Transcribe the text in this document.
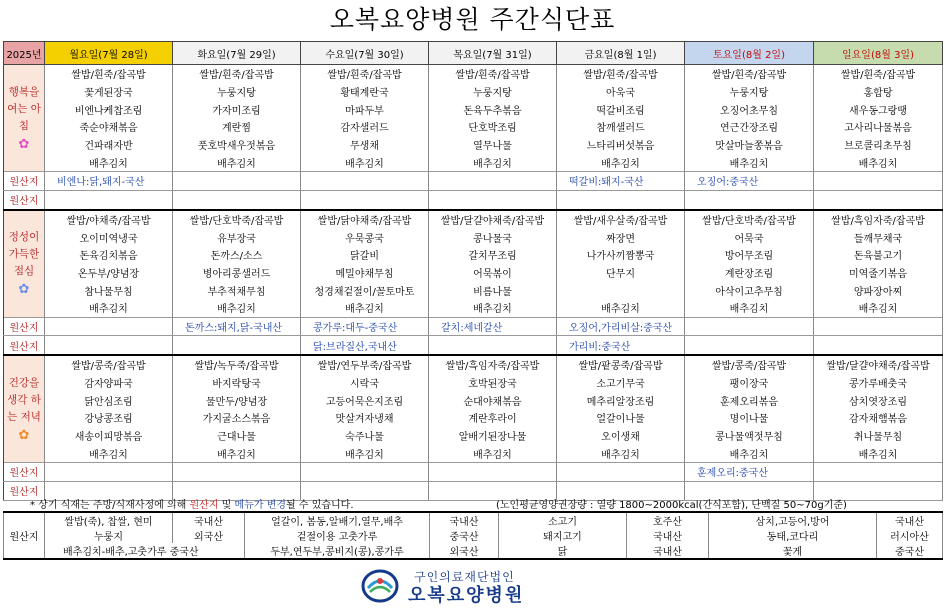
오복요양병원 주간식단표
2025년	월요일(7월 28일)	화요일(7월 29일)	수요일(7월 30일)	목요일(7월 31일)	금요일(8월 1일)	토요일(8월 2일)	일요일(8월 3일)
행복을 여는 아침
✿	쌀밥/흰죽/잡곡밥	쌀밥/흰죽/잡곡밥	쌀밥/흰죽/잡곡밥	쌀밥/흰죽/잡곡밥	쌀밥/흰죽/잡곡밥	쌀밥/흰죽/잡곡밥	쌀밥/흰죽/잡곡밥
	꽃게된장국	누룽지탕	황태계란국	누룽지탕	아욱국	누룽지탕	홍합탕
	비엔나케찹조림	가자미조림	마파두부	돈육두추볶음	떡갈비조림	오징어초무침	새우동그랑땡
	죽순야채볶음	계란찜	감자샐러드	단호박조림	참깨샐러드	연근간장조림	고사리나물볶음
	건파래자반	풋호박새우젓볶음	무생채	열무나물	느타리버섯볶음	맛살마늘쫑볶음	브로콜리초무침
	배추김치	배추김치	배추김치	배추김치	배추김치	배추김치	배추김치
원산지	비엔나:닭,돼지-국산				떡갈비:돼지-국산	오징어:중국산	
원산지							
정성이 가득한 점심
✿	쌀밥/야채죽/잡곡밥	쌀밥/단호박죽/잡곡밥	쌀밥/닭야채죽/잡곡밥	쌀밥/달걀야채죽/잡곡밥	쌀밥/새우살죽/잡곡밥	쌀밥/단호박죽/잡곡밥	쌀밥/흑임자죽/잡곡밥
	오이미역냉국	유부장국	우묵콩국	콩나물국	짜장면	어묵국	들깨무채국
	돈육김치볶음	돈까스/소스	닭갈비	갈치무조림	나가사끼짬뽕국	방어무조림	돈육불고기
	온두부/양념장	병아리콩샐러드	메밀야채무침	어묵볶이	단무지	계란장조림	미역줄기볶음
	참나물무침	부추적채무침	청경채겉절이/꼴토마토	비름나물		아삭이고추무침	양파장아찌
	배추김치	배추김치	배추김치	배추김치	배추김치	배추김치	배추김치
원산지		돈까스:돼지,닭-국내산	콩가루:대두-중국산	갈치:세네갈산	오징어,가리비살:중국산		
원산지			닭:브라질산,국내산		가리비:중국산		
건강을 생각 하는 저녁
✿	쌀밥/콩죽/잡곡밥	쌀밥/녹두죽/잡곡밥	쌀밥/연두부죽/잡곡밥	쌀밥/흑임자죽/잡곡밥	쌀밥/팥콩죽/잡곡밥	쌀밥/콩죽/잡곡밥	쌀밥/달걀야채죽/잡곡밥
	감자양파국	바지락탕국	시락국	호박된장국	소고기무국	팽이장국	콩가루배춧국
	닭안심조림	물만두/양념장	고등어묵은지조림	순대야채볶음	메추리알장조림	훈제오리볶음	삼치엿장조림
	강낭콩조림	가지굴소스볶음	맛살겨자냉채	계란후라이	얼갈이나물	명이나물	감자채햄볶음
	새송이피망볶음	근대나물	숙주나물	알배기된장나물	오이생채	콩나물액젓무침	취나물무침
	배추김치	배추김치	배추김치	배추김치	배추김치	배추김치	배추김치
원산지						훈제오리:중국산	
원산지							
* 상기 식재는 주방/식재사정에 의해 원산지 및 메뉴가 변경될 수 있습니다.	(노인평균영양권장량 : 열량 1800~2000kcal(간식포함), 단백질 50~70g기준)
원산지	쌀밥(죽), 찹쌀, 현미	국내산	얼갈이, 봄동,알배기,열무,배추	국내산	소고기	호주산	삼치,고등어,방어	국내산
	누룽지	외국산	겉절이용 고춧가루	중국산	돼지고기	국내산	동태,코다리	러시아산
	배추김치-배추,고춧가루 중국산		두부,연두부,콩비지(콩),콩가루	외국산	닭	국내산	꽃게	중국산
구인의료재단법인
오복요양병원
